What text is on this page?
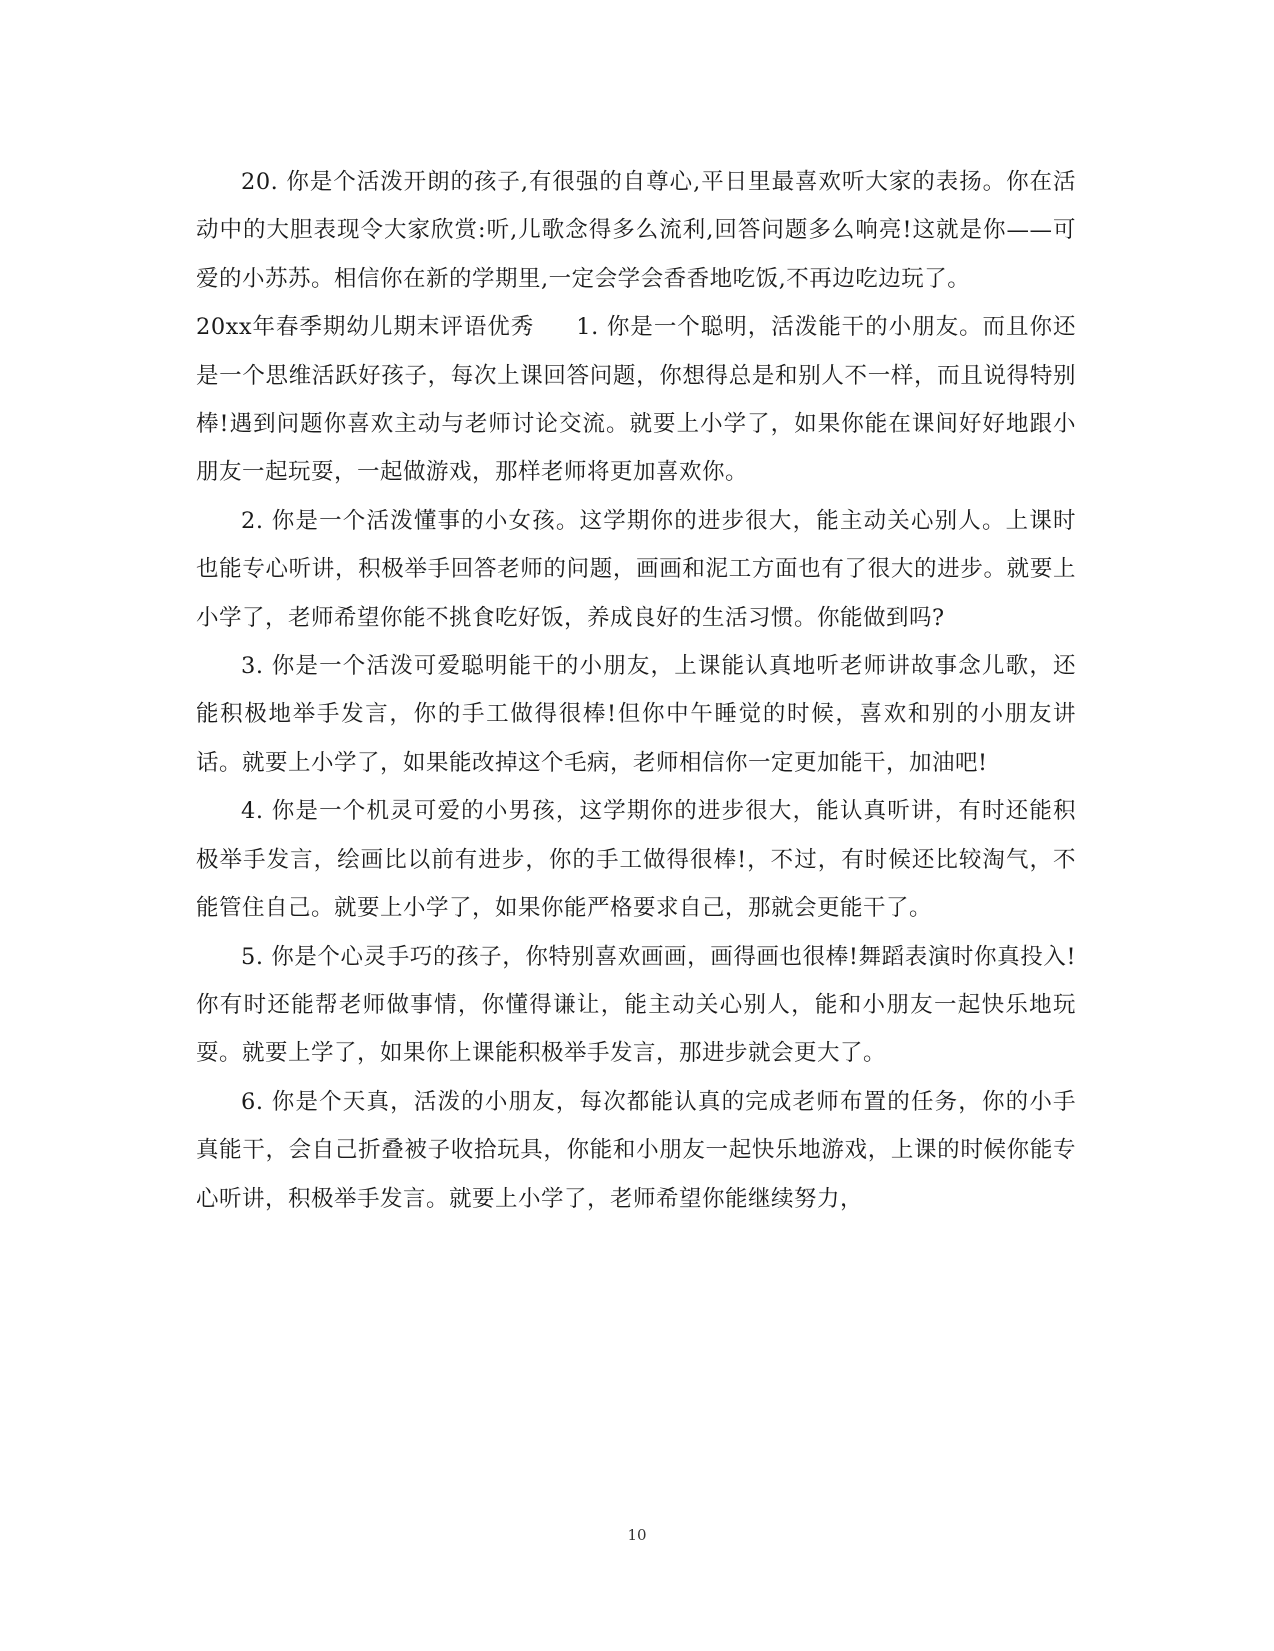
20. 你是个活泼开朗的孩子,有很强的自尊心,平日里最喜欢听大家的表扬。你在活动中的大胆表现令大家欣赏:听,儿歌念得多么流利,回答问题多么响亮!这就是你——可爱的小苏苏。相信你在新的学期里,一定会学会香香地吃饭,不再边吃边玩了。

20xx年春季期幼儿期末评语优秀 1. 你是一个聪明，活泼能干的小朋友。而且你还是一个思维活跃好孩子，每次上课回答问题，你想得总是和别人不一样，而且说得特别棒!遇到问题你喜欢主动与老师讨论交流。就要上小学了，如果你能在课间好好地跟小朋友一起玩耍，一起做游戏，那样老师将更加喜欢你。

2. 你是一个活泼懂事的小女孩。这学期你的进步很大，能主动关心别人。上课时也能专心听讲，积极举手回答老师的问题，画画和泥工方面也有了很大的进步。就要上小学了，老师希望你能不挑食吃好饭，养成良好的生活习惯。你能做到吗?

3. 你是一个活泼可爱聪明能干的小朋友，上课能认真地听老师讲故事念儿歌，还能积极地举手发言，你的手工做得很棒!但你中午睡觉的时候，喜欢和别的小朋友讲话。就要上小学了，如果能改掉这个毛病，老师相信你一定更加能干，加油吧!

4. 你是一个机灵可爱的小男孩，这学期你的进步很大，能认真听讲，有时还能积极举手发言，绘画比以前有进步，你的手工做得很棒!，不过，有时候还比较淘气，不能管住自己。就要上小学了，如果你能严格要求自己，那就会更能干了。

5. 你是个心灵手巧的孩子，你特别喜欢画画，画得画也很棒!舞蹈表演时你真投入!你有时还能帮老师做事情，你懂得谦让，能主动关心别人，能和小朋友一起快乐地玩耍。就要上学了，如果你上课能积极举手发言，那进步就会更大了。

6. 你是个天真，活泼的小朋友，每次都能认真的完成老师布置的任务，你的小手真能干，会自己折叠被子收拾玩具，你能和小朋友一起快乐地游戏，上课的时候你能专心听讲，积极举手发言。就要上小学了，老师希望你能继续努力，

10
